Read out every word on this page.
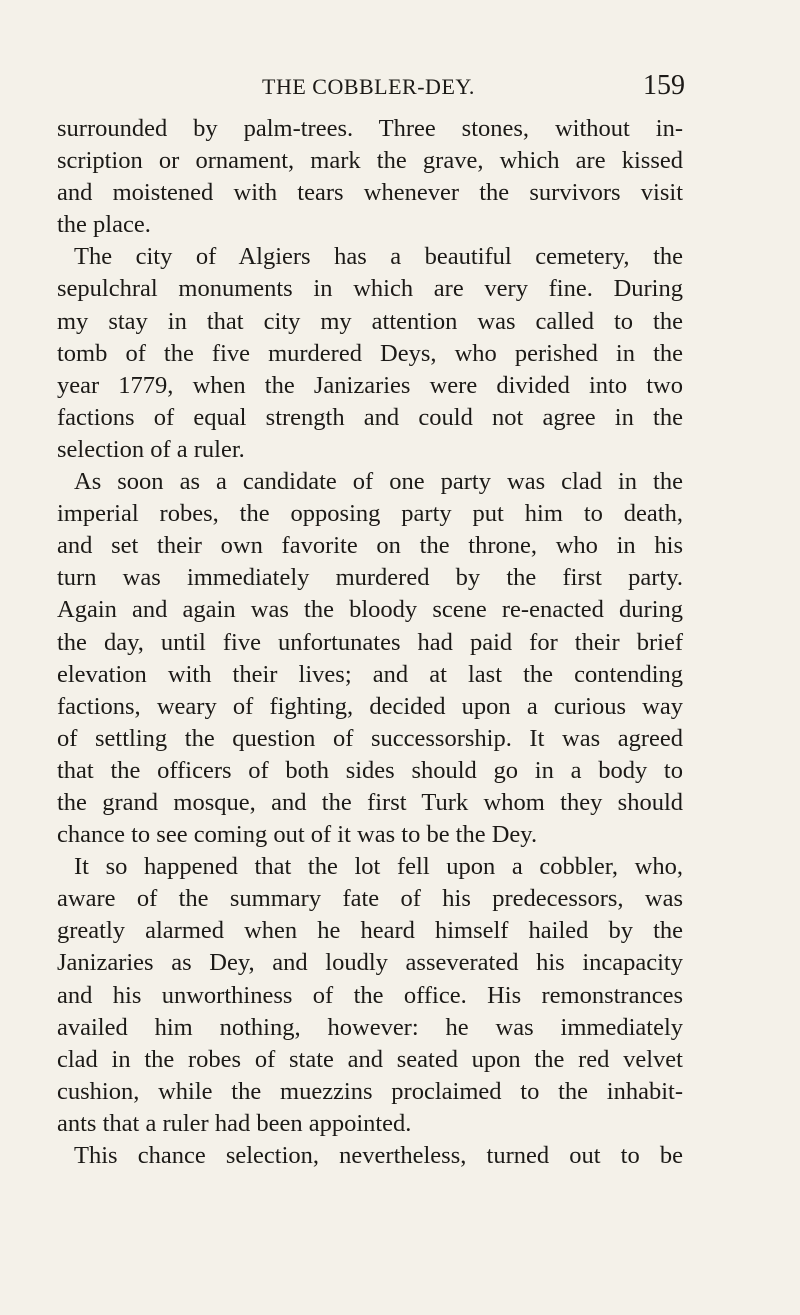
THE COBBLER-DEY.	159
surrounded by palm-trees. Three stones, without in-
scription or ornament, mark the grave, which are kissed
and moistened with tears whenever the survivors visit
the place.
The city of Algiers has a beautiful cemetery, the
sepulchral monuments in which are very fine. During
my stay in that city my attention was called to the
tomb of the five murdered Deys, who perished in the
year 1779, when the Janizaries were divided into two
factions of equal strength and could not agree in the
selection of a ruler.
As soon as a candidate of one party was clad in the
imperial robes, the opposing party put him to death,
and set their own favorite on the throne, who in his
turn was immediately murdered by the first party.
Again and again was the bloody scene re-enacted during
the day, until five unfortunates had paid for their brief
elevation with their lives; and at last the contending
factions, weary of fighting, decided upon a curious way
of settling the question of successorship. It was agreed
that the officers of both sides should go in a body to
the grand mosque, and the first Turk whom they should
chance to see coming out of it was to be the Dey.
It so happened that the lot fell upon a cobbler, who,
aware of the summary fate of his predecessors, was
greatly alarmed when he heard himself hailed by the
Janizaries as Dey, and loudly asseverated his incapacity
and his unworthiness of the office. His remonstrances
availed him nothing, however: he was immediately
clad in the robes of state and seated upon the red velvet
cushion, while the muezzins proclaimed to the inhabit-
ants that a ruler had been appointed.
This chance selection, nevertheless, turned out to be
